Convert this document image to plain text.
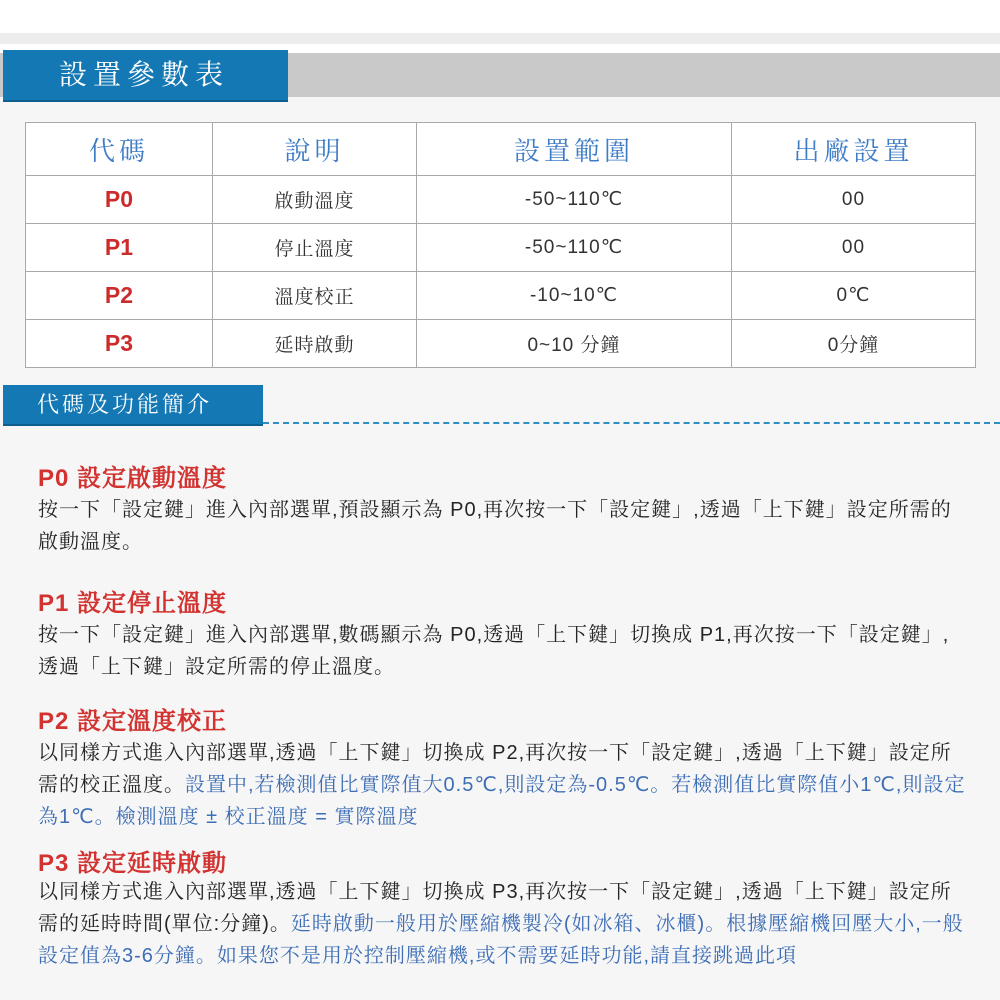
設置參數表
代碼	說明	設置範圍	出廠設置
P0	啟動溫度	-50~110℃	00
P1	停止溫度	-50~110℃	00
P2	溫度校正	-10~10℃	0℃
P3	延時啟動	0~10 分鐘	0分鐘
代碼及功能簡介
P0 設定啟動溫度
按一下「設定鍵」進入內部選單,預設顯示為 P0,再次按一下「設定鍵」,透過「上下鍵」設定所需的啟動溫度。
P1 設定停止溫度
按一下「設定鍵」進入內部選單,數碼顯示為 P0,透過「上下鍵」切換成 P1,再次按一下「設定鍵」,透過「上下鍵」設定所需的停止溫度。
P2 設定溫度校正
以同樣方式進入內部選單,透過「上下鍵」切換成 P2,再次按一下「設定鍵」,透過「上下鍵」設定所需的校正溫度。設置中,若檢測值比實際值大0.5℃,則設定為-0.5℃。若檢測值比實際值小1℃,則設定為1℃。檢測溫度 ± 校正溫度 = 實際溫度
P3 設定延時啟動
以同樣方式進入內部選單,透過「上下鍵」切換成 P3,再次按一下「設定鍵」,透過「上下鍵」設定所需的延時時間(單位:分鐘)。延時啟動一般用於壓縮機製冷(如冰箱、冰櫃)。根據壓縮機回壓大小,一般設定值為3-6分鐘。如果您不是用於控制壓縮機,或不需要延時功能,請直接跳過此項
